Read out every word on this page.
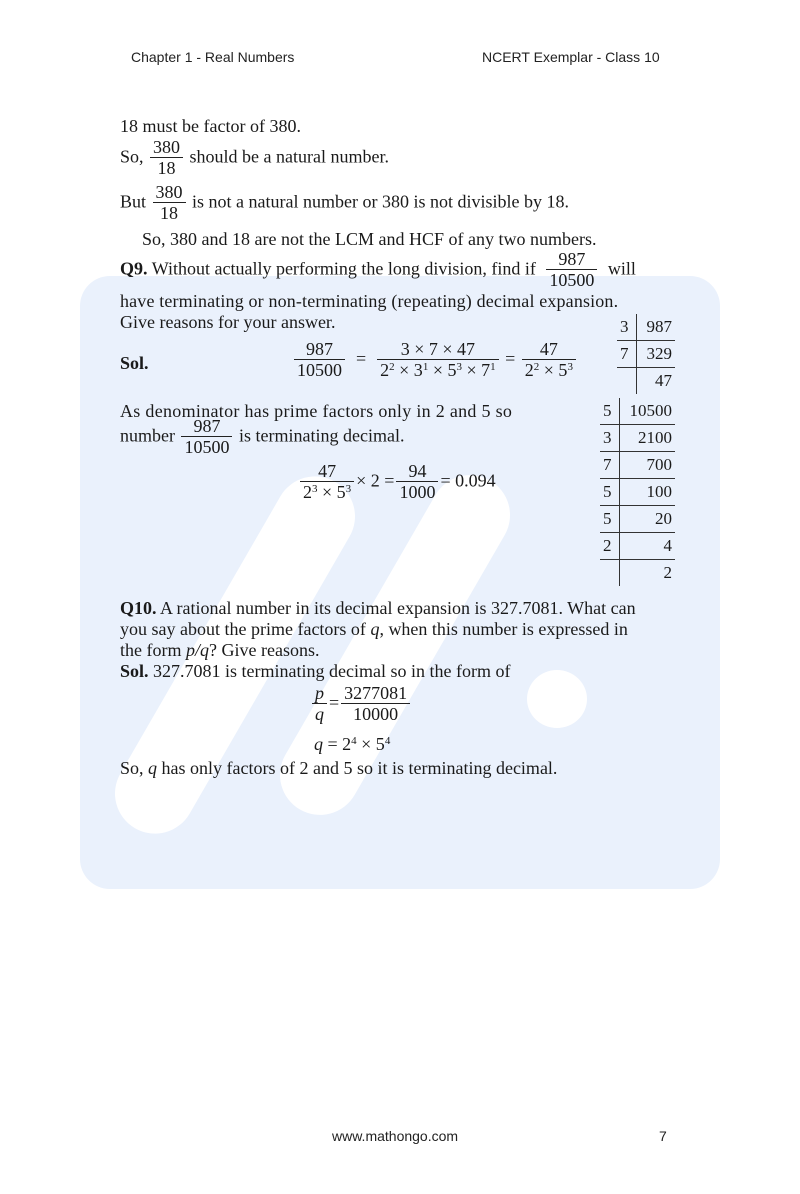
Chapter 1 - Real Numbers	NCERT Exemplar - Class 10
18 must be factor of 380.
So, $\frac{380}{18}$ should be a natural number.
But $\frac{380}{18}$ is not a natural number or 380 is not divisible by 18.
So, 380 and 18 are not the LCM and HCF of any two numbers.
Q9. Without actually performing the long division, find if $\frac{987}{10500}$ will
have terminating or non-terminating (repeating) decimal expansion.
Give reasons for your answer.
Sol.	$\frac{987}{10500} = \frac{3 \times 7 \times 47}{2^2 \times 3^1 \times 5^3 \times 7^1} = \frac{47}{2^2 \times 5^3}$
As denominator has prime factors only in 2 and 5 so
number $\frac{987}{10500}$ is terminating decimal.
$\frac{47}{2^3 \times 5^3} \times 2 = \frac{94}{1000} = 0.094$
3	987
7	329
	47
5	10500
3	2100
7	700
5	100
5	20
2	4
	2
Q10. A rational number in its decimal expansion is 327.7081. What can
you say about the prime factors of q, when this number is expressed in
the form p/q? Give reasons.
Sol. 327.7081 is terminating decimal so in the form of
$\frac{p}{q} = \frac{3277081}{10000}$
$q = 2^4 \times 5^4$
So, q has only factors of 2 and 5 so it is terminating decimal.
www.mathongo.com	7
